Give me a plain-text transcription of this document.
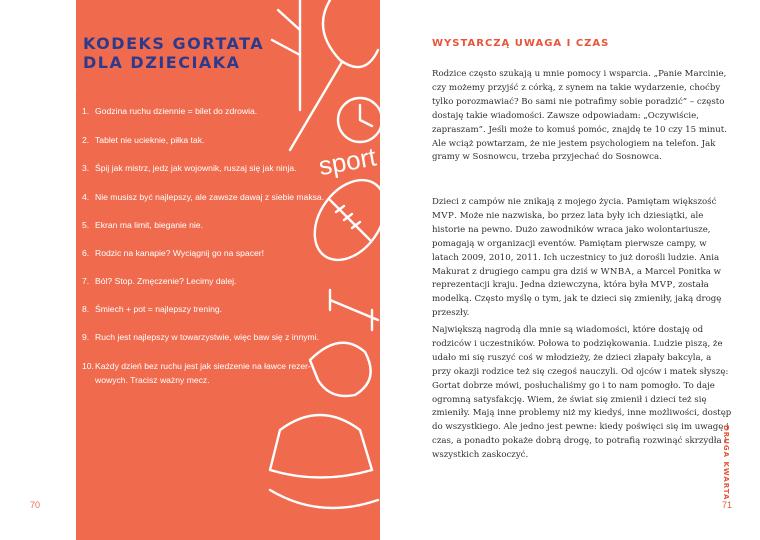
sport
KODEKS GORTATA
DLA DZIECIAKA
1. Godzina ruchu dziennie = bilet do zdrowia.
2. Tablet nie ucieknie, piłka tak.
3. Śpij jak mistrz, jedz jak wojownik, ruszaj się jak ninja.
4. Nie musisz być najlepszy, ale zawsze dawaj z siebie maksa.
5. Ekran ma limit, bieganie nie.
6. Rodzic na kanapie? Wyciągnij go na spacer!
7. Ból? Stop. Zmęczenie? Lecimy dalej.
8. Śmiech + pot = najlepszy trening.
9. Ruch jest najlepszy w towarzystwie, więc baw się z innymi.
10.Każdy dzień bez ruchu jest jak siedzenie na ławce rezer-
wowych. Tracisz ważny mecz.
70
WYSTARCZĄ UWAGA I CZAS

Rodzice często szukają u mnie pomocy i wsparcia. „Panie Marcinie, czy możemy przyjść z córką, z synem na takie wydarzenie, choćby tylko porozmawiać? Bo sami nie potrafimy sobie poradzić” – często dostaję takie wiadomości. Zawsze odpowiadam: „Oczywiście, zapraszam”. Jeśli może to komuś pomóc, znajdę te 10 czy 15 minut. Ale wciąż powtarzam, że nie jestem psychologiem na telefon. Jak gramy w Sosnowcu, trzeba przyjechać do Sosnowca.

Dzieci z campów nie znikają z mojego życia. Pamiętam większość MVP. Może nie nazwiska, bo przez lata były ich dziesiątki, ale historie na pewno. Dużo zawodników wraca jako wolontariusze, pomagają w organizacji eventów. Pamiętam pierwsze campy, w latach 2009, 2010, 2011. Ich uczestnicy to już dorośli ludzie. Ania Makurat z drugiego campu gra dziś w WNBA, a Marcel Ponitka w reprezentacji kraju. Jedna dziewczyna, która była MVP, została modelką. Często myślę o tym, jak te dzieci się zmieniły, jaką drogę przeszły.

Największą nagrodą dla mnie są wiadomości, które dostaję od rodziców i uczestników. Połowa to podziękowania. Ludzie piszą, że udało mi się ruszyć coś w młodzieży, że dzieci złapały bakcyla, a przy okazji rodzice też się czegoś nauczyli. Od ojców i matek słyszę: Gortat dobrze mówi, posłuchaliśmy go i to nam pomogło. To daje ogromną satysfakcję. Wiem, że świat się zmienił i dzieci też się zmieniły. Mają inne problemy niż my kiedyś, inne możliwości, dostęp do wszystkiego. Ale jedno jest pewne: kiedy poświęci się im uwagę i czas, a ponadto pokaże dobrą drogę, to potrafią rozwinąć skrzydła i wszystkich zaskoczyć.	DRUGA KWARTA
71
